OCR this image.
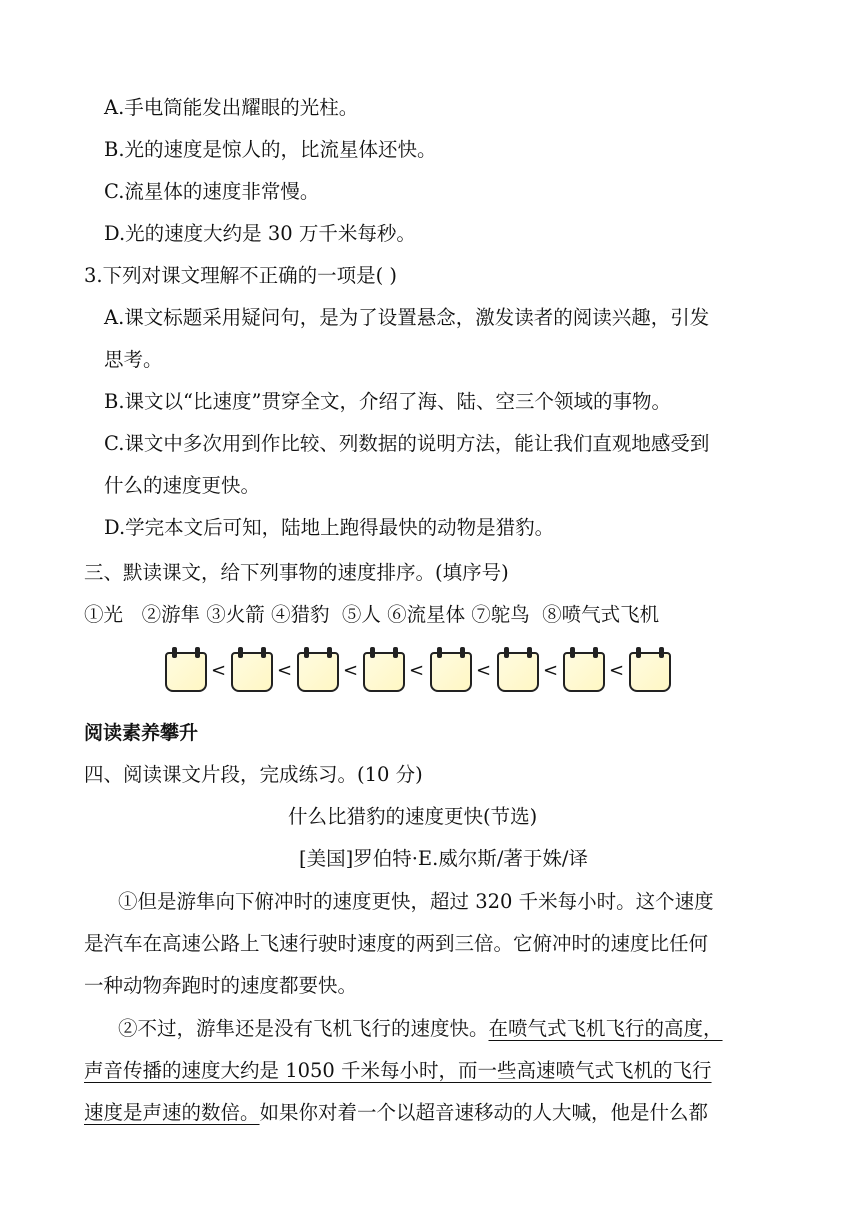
A.手电筒能发出耀眼的光柱。
B.光的速度是惊人的，比流星体还快。
C.流星体的速度非常慢。
D.光的速度大约是 30 万千米每秒。
3.下列对课文理解不正确的一项是( )
A.课文标题采用疑问句，是为了设置悬念，激发读者的阅读兴趣，引发
思考。
B.课文以“比速度”贯穿全文，介绍了海、陆、空三个领域的事物。
C.课文中多次用到作比较、列数据的说明方法，能让我们直观地感受到
什么的速度更快。
D.学完本文后可知，陆地上跑得最快的动物是猎豹。
三、默读课文，给下列事物的速度排序。(填序号)
①光   ②游隼 ③火箭 ④猎豹  ⑤人 ⑥流星体 ⑦鸵鸟  ⑧喷气式飞机
<	<	<	<	<	<	<
阅读素养攀升
四、阅读课文片段，完成练习。(10 分)
什么比猎豹的速度更快(节选)
[美国]罗伯特·E.威尔斯/著于姝/译
①但是游隼向下俯冲时的速度更快，超过 320 千米每小时。这个速度
是汽车在高速公路上飞速行驶时速度的两到三倍。它俯冲时的速度比任何
一种动物奔跑时的速度都要快。
②不过，游隼还是没有飞机飞行的速度快。在喷气式飞机飞行的高度，
声音传播的速度大约是 1050 千米每小时，而一些高速喷气式飞机的飞行
速度是声速的数倍。如果你对着一个以超音速移动的人大喊，他是什么都
